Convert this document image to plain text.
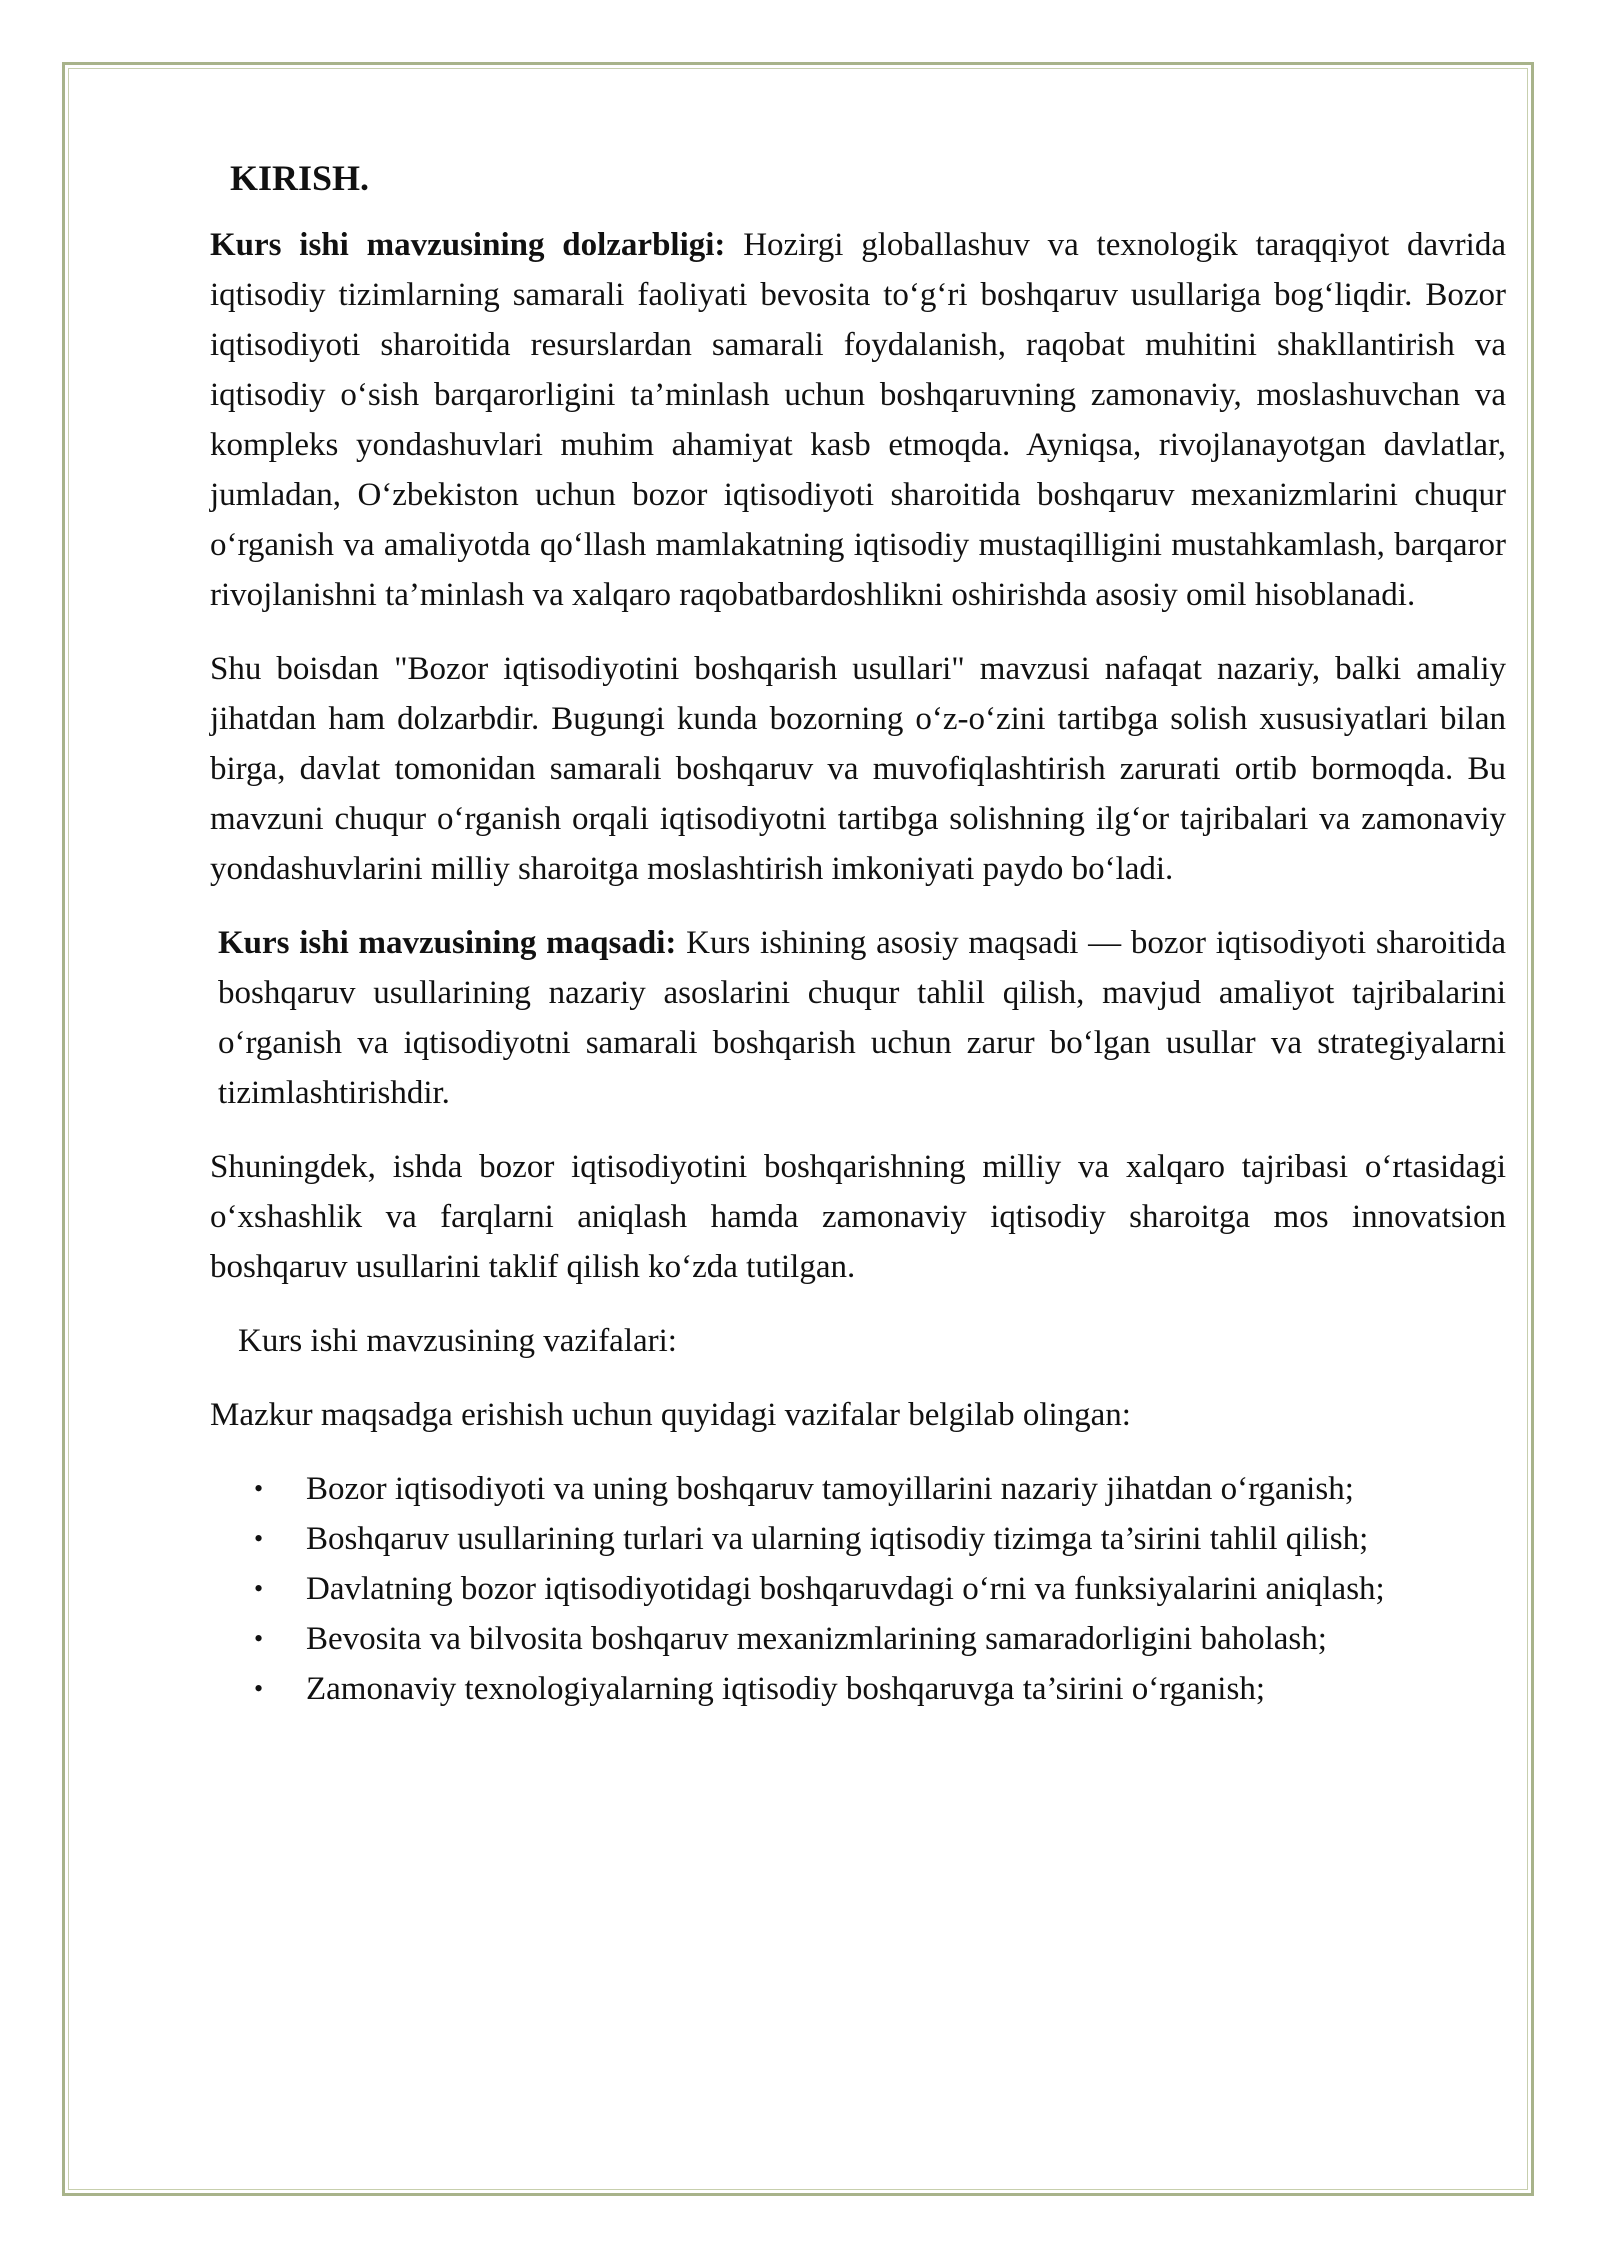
KIRISH.

Kurs ishi mavzusining dolzarbligi: Hozirgi globallashuv va texnologik taraqqiyot davrida iqtisodiy tizimlarning samarali faoliyati bevosita to‘g‘ri boshqaruv usullariga bog‘liqdir. Bozor iqtisodiyoti sharoitida resurslardan samarali foydalanish, raqobat muhitini shakllantirish va iqtisodiy o‘sish barqarorligini ta’minlash uchun boshqaruvning zamonaviy, moslashuvchan va kompleks yondashuvlari muhim ahamiyat kasb etmoqda. Ayniqsa, rivojlanayotgan davlatlar, jumladan, O‘zbekiston uchun bozor iqtisodiyoti sharoitida boshqaruv mexanizmlarini chuqur o‘rganish va amaliyotda qo‘llash mamlakatning iqtisodiy mustaqilligini mustahkamlash, barqaror rivojlanishni ta’minlash va xalqaro raqobatbardoshlikni oshirishda asosiy omil hisoblanadi.

Shu boisdan "Bozor iqtisodiyotini boshqarish usullari" mavzusi nafaqat nazariy, balki amaliy jihatdan ham dolzarbdir. Bugungi kunda bozorning o‘z-o‘zini tartibga solish xususiyatlari bilan birga, davlat tomonidan samarali boshqaruv va muvofiqlashtirish zarurati ortib bormoqda. Bu mavzuni chuqur o‘rganish orqali iqtisodiyotni tartibga solishning ilg‘or tajribalari va zamonaviy yondashuvlarini milliy sharoitga moslashtirish imkoniyati paydo bo‘ladi.

Kurs ishi mavzusining maqsadi: Kurs ishining asosiy maqsadi — bozor iqtisodiyoti sharoitida boshqaruv usullarining nazariy asoslarini chuqur tahlil qilish, mavjud amaliyot tajribalarini o‘rganish va iqtisodiyotni samarali boshqarish uchun zarur bo‘lgan usullar va strategiyalarni tizimlashtirishdir.

Shuningdek, ishda bozor iqtisodiyotini boshqarishning milliy va xalqaro tajribasi o‘rtasidagi o‘xshashlik va farqlarni aniqlash hamda zamonaviy iqtisodiy sharoitga mos innovatsion boshqaruv usullarini taklif qilish ko‘zda tutilgan.

Kurs ishi mavzusining vazifalari:

Mazkur maqsadga erishish uchun quyidagi vazifalar belgilab olingan:

• Bozor iqtisodiyoti va uning boshqaruv tamoyillarini nazariy jihatdan o‘rganish;
• Boshqaruv usullarining turlari va ularning iqtisodiy tizimga ta’sirini tahlil qilish;
• Davlatning bozor iqtisodiyotidagi boshqaruvdagi o‘rni va funksiyalarini aniqlash;
• Bevosita va bilvosita boshqaruv mexanizmlarining samaradorligini baholash;
• Zamonaviy texnologiyalarning iqtisodiy boshqaruvga ta’sirini o‘rganish;
